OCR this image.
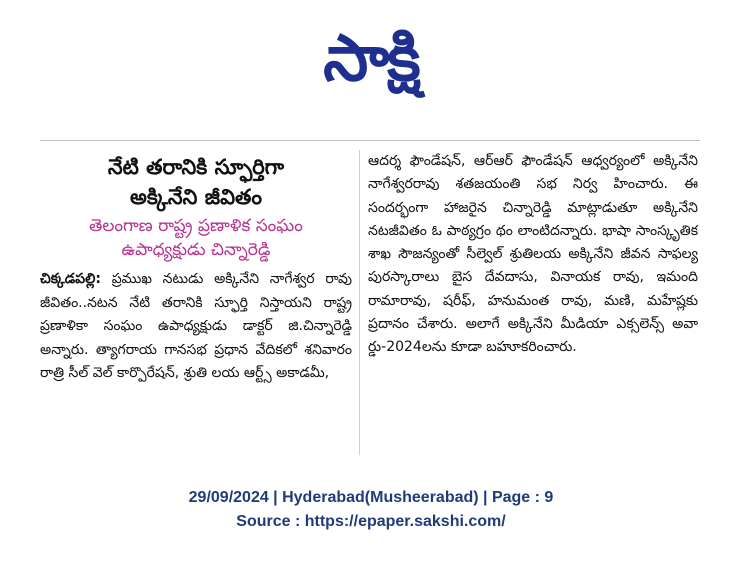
సాక్షి
నేటి తరానికి స్ఫూర్తిగా
అక్కినేని జీవితం
తెలంగాణ రాష్ట్ర ప్రణాళిక సంఘం
ఉపాధ్యక్షుడు చిన్నారెడ్డి

చిక్కడపల్లి: ప్రముఖ నటుడు అక్కినేని నాగేశ్వర రావు జీవితం..నటన నేటి తరానికి స్ఫూర్తి నిస్తాయని రాష్ట్ర ప్రణాళికా సంఘం ఉపాధ్యక్షుడు డాక్టర్ జి.చిన్నారెడ్డి అన్నారు. త్యాగరాయ గానసభ ప్రధాన వేదికలో శనివారం రాత్రి సీల్ వెల్ కార్పొరేషన్, శ్రుతి లయ ఆర్ట్స్ అకాడమీ,

ఆదర్శ ఫౌండేషన్, ఆర్ఆర్ ఫౌండేషన్ ఆధ్వర్యంలో అక్కినేని నాగేశ్వరరావు శతజయంతి సభ నిర్వ హించారు. ఈ సందర్భంగా హాజరైన చిన్నారెడ్డి మాట్లాడుతూ అక్కినేని నటజీవితం ఓ పాఠ్యగ్రం థం లాంటిదన్నారు. భాషా సాంస్కృతిక శాఖ సౌజన్యంతో సీల్వెల్ శ్రుతిలయ అక్కినేని జీవన సాఫల్య పురస్కారాలు బైస దేవదాసు, వినాయక రావు, ఇమంది రామారావు, షరీఫ్, హనుమంత రావు, మణి, మహేష్లకు ప్రదానం చేశారు. అలాగే అక్కినేని మీడియా ఎక్సలెన్స్ అవా ర్డు-2024లను కూడా బహూకరించారు.

29/09/2024 | Hyderabad(Musheerabad) | Page : 9
Source : https://epaper.sakshi.com/
